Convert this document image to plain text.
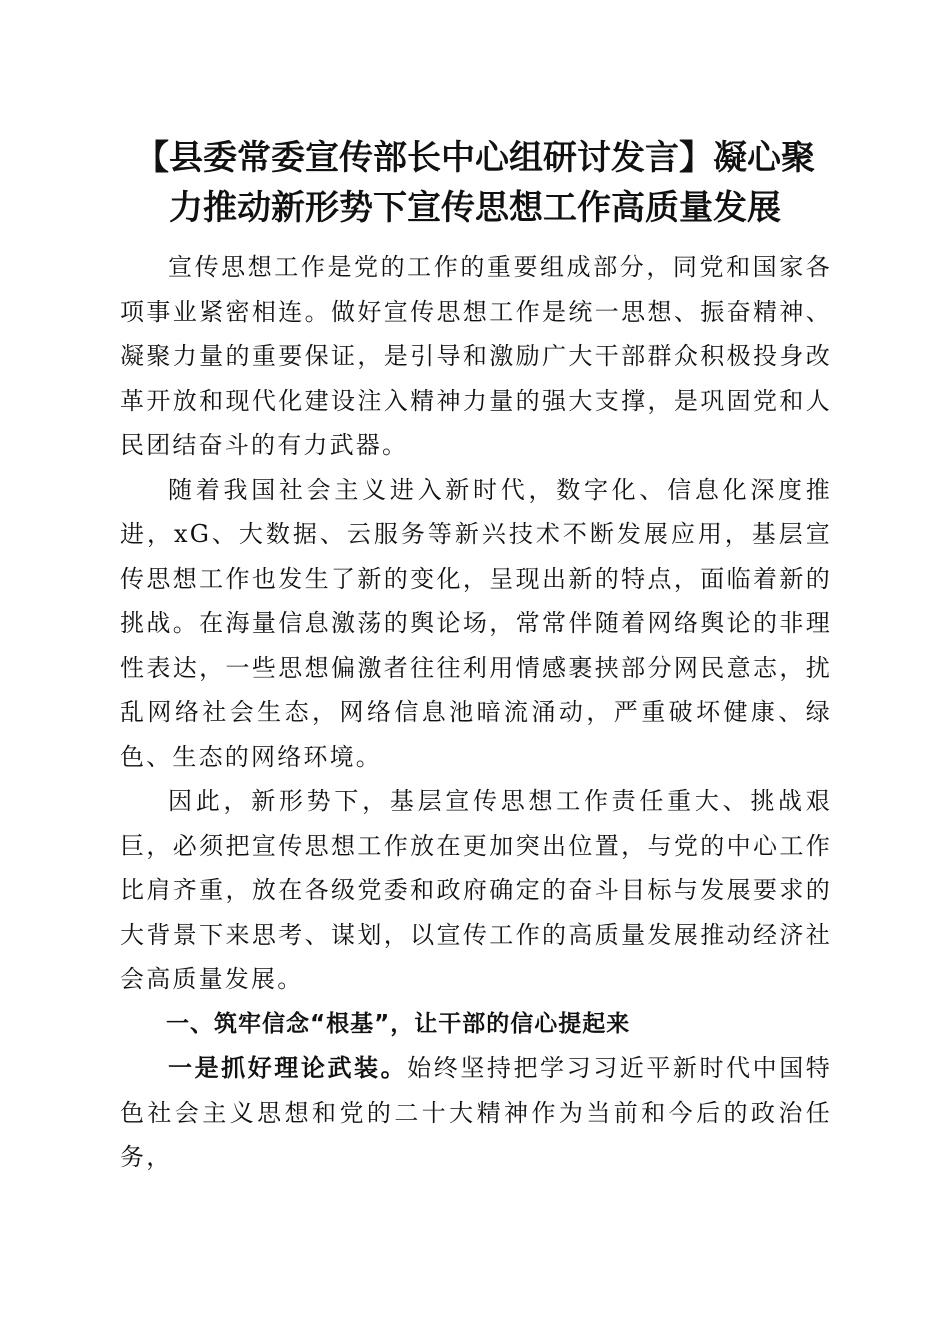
【县委常委宣传部长中心组研讨发言】凝心聚
力推动新形势下宣传思想工作高质量发展

宣传思想工作是党的工作的重要组成部分，同党和国家各项事业紧密相连。做好宣传思想工作是统一思想、振奋精神、凝聚力量的重要保证，是引导和激励广大干部群众积极投身改革开放和现代化建设注入精神力量的强大支撑，是巩固党和人民团结奋斗的有力武器。

随着我国社会主义进入新时代，数字化、信息化深度推进，xG、大数据、云服务等新兴技术不断发展应用，基层宣传思想工作也发生了新的变化，呈现出新的特点，面临着新的挑战。在海量信息激荡的舆论场，常常伴随着网络舆论的非理性表达，一些思想偏激者往往利用情感裹挟部分网民意志，扰乱网络社会生态，网络信息池暗流涌动，严重破坏健康、绿色、生态的网络环境。

因此，新形势下，基层宣传思想工作责任重大、挑战艰巨，必须把宣传思想工作放在更加突出位置，与党的中心工作比肩齐重，放在各级党委和政府确定的奋斗目标与发展要求的大背景下来思考、谋划，以宣传工作的高质量发展推动经济社会高质量发展。

一、筑牢信念“根基”，让干部的信心提起来

一是抓好理论武装。始终坚持把学习习近平新时代中国特色社会主义思想和党的二十大精神作为当前和今后的政治任务，
